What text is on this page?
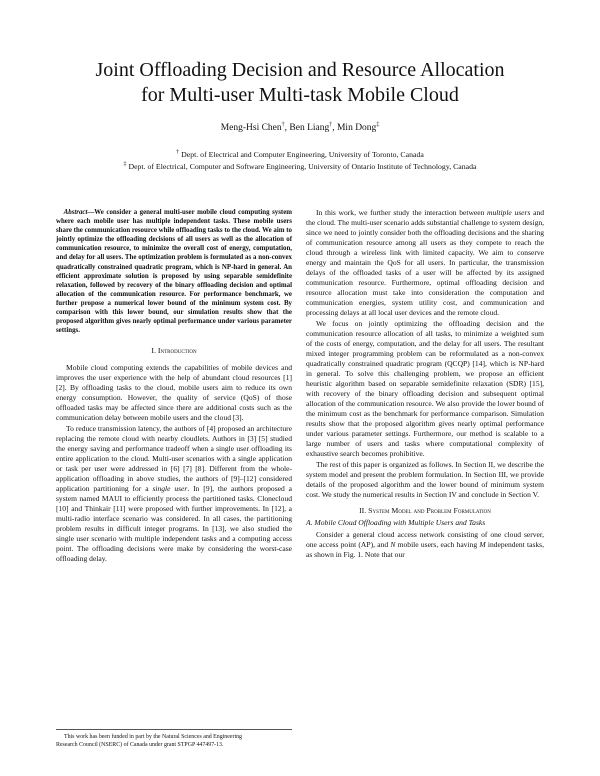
Joint Offloading Decision and Resource Allocation
for Multi-user Multi-task Mobile Cloud
Meng-Hsi Chen†, Ben Liang†, Min Dong‡
† Dept. of Electrical and Computer Engineering, University of Toronto, Canada
‡ Dept. of Electrical, Computer and Software Engineering, University of Ontario Institute of Technology, Canada
Abstract—We consider a general multi-user mobile cloud computing system where each mobile user has multiple independent tasks. These mobile users share the communication resource while offloading tasks to the cloud. We aim to jointly optimize the offloading decisions of all users as well as the allocation of communication resource, to minimize the overall cost of energy, computation, and delay for all users. The optimization problem is formulated as a non-convex quadratically constrained quadratic program, which is NP-hard in general. An efficient approximate solution is proposed by using separable semidefinite relaxation, followed by recovery of the binary offloading decision and optimal allocation of the communication resource. For performance benchmark, we further propose a numerical lower bound of the minimum system cost. By comparison with this lower bound, our simulation results show that the proposed algorithm gives nearly optimal performance under various parameter settings.
I. Introduction

Mobile cloud computing extends the capabilities of mobile devices and improves the user experience with the help of abundant cloud resources [1] [2]. By offloading tasks to the cloud, mobile users aim to reduce its own energy consumption. However, the quality of service (QoS) of those offloaded tasks may be affected since there are additional costs such as the communication delay between mobile users and the cloud [3].

To reduce transmission latency, the authors of [4] proposed an architecture replacing the remote cloud with nearby cloudlets. Authors in [3] [5] studied the energy saving and performance tradeoff when a single user offloading its entire application to the cloud. Multi-user scenarios with a single application or task per user were addressed in [6] [7] [8]. Different from the whole-application offloading in above studies, the authors of [9]–[12] considered application partitioning for a single user. In [9], the authors proposed a system named MAUI to efficiently process the partitioned tasks. Clonecloud [10] and Thinkair [11] were proposed with further improvements. In [12], a multi-radio interface scenario was considered. In all cases, the partitioning problem results in difficult integer programs. In [13], we also studied the single user scenario with multiple independent tasks and a computing access point. The offloading decisions were make by considering the worst-case offloading delay.

This work has been funded in part by the Natural Sciences and Engineering
Research Council (NSERC) of Canada under grant STPGP 447497-13.

In this work, we further study the interaction between multiple users and the cloud. The multi-user scenario adds substantial challenge to system design, since we need to jointly consider both the offloading decisions and the sharing of communication resource among all users as they compete to reach the cloud through a wireless link with limited capacity. We aim to conserve energy and maintain the QoS for all users. In particular, the transmission delays of the offloaded tasks of a user will be affected by its assigned communication resource. Furthermore, optimal offloading decision and resource allocation must take into consideration the computation and communication energies, system utility cost, and communication and processing delays at all local user devices and the remote cloud.

We focus on jointly optimizing the offloading decision and the communication resource allocation of all tasks, to minimize a weighted sum of the costs of energy, computation, and the delay for all users. The resultant mixed integer programming problem can be reformulated as a non-convex quadratically constrained quadratic program (QCQP) [14], which is NP-hard in general. To solve this challenging problem, we propose an efficient heuristic algorithm based on separable semidefinite relaxation (SDR) [15], with recovery of the binary offloading decision and subsequent optimal allocation of the communication resource. We also provide the lower bound of the minimum cost as the benchmark for performance comparison. Simulation results show that the proposed algorithm gives nearly optimal performance under various parameter settings. Furthermore, our method is scalable to a large number of users and tasks where computational complexity of exhaustive search becomes prohibitive.

The rest of this paper is organized as follows. In Section II, we describe the system model and present the problem formulation. In Section III, we provide details of the proposed algorithm and the lower bound of minimum system cost. We study the numerical results in Section IV and conclude in Section V.

II. System Model and Problem Formulation
A. Mobile Cloud Offloading with Multiple Users and Tasks

Consider a general cloud access network consisting of one cloud server, one access point (AP), and N mobile users, each having M independent tasks, as shown in Fig. 1. Note that our
